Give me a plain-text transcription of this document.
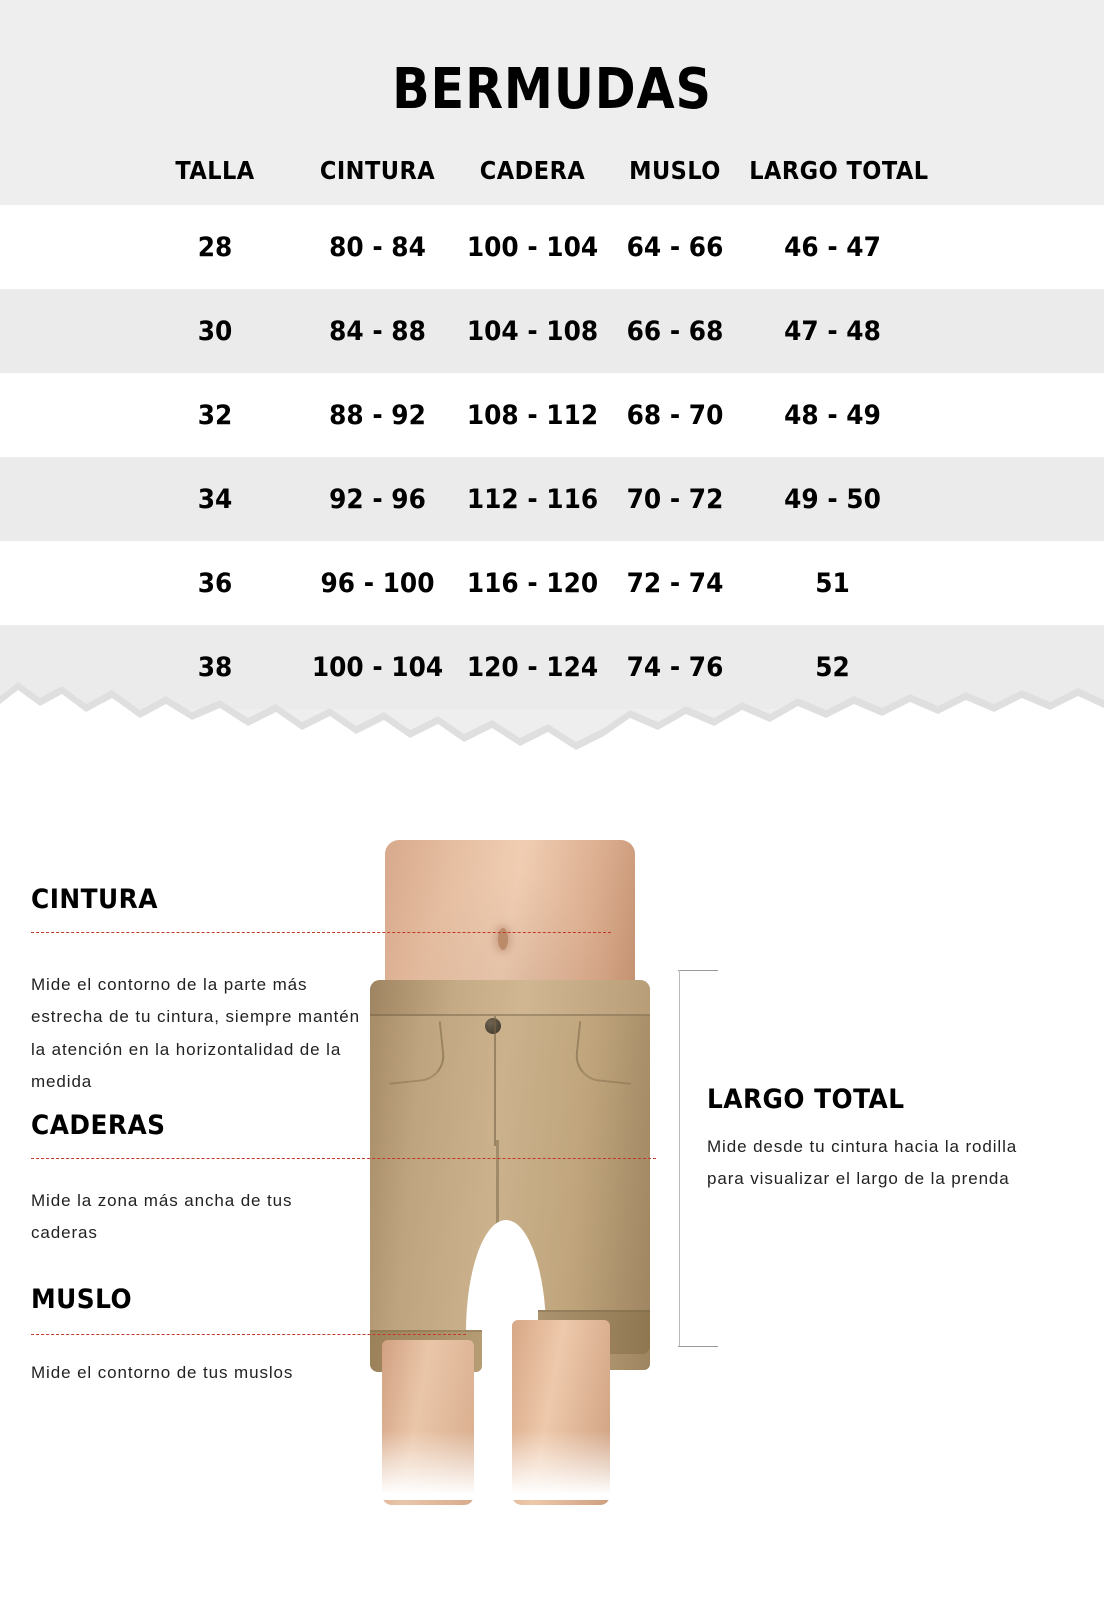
BERMUDAS
	TALLA	CINTURA	CADERA	MUSLO	LARGO TOTAL	
	28	80 - 84	100 - 104	64 - 66	46 - 47	
	30	84 - 88	104 - 108	66 - 68	47 - 48	
	32	88 - 92	108 - 112	68 - 70	48 - 49	
	34	92 - 96	112 - 116	70 - 72	49 - 50	
	36	96 - 100	116 - 120	72 - 74	51	
	38	100 - 104	120 - 124	74 - 76	52	
CINTURA

Mide el contorno de la parte más estrecha de tu cintura, siempre mantén la atención en la horizontalidad de la medida

CADERAS

Mide la zona más ancha de tus caderas

MUSLO

Mide el contorno de tus muslos

LARGO TOTAL

Mide desde tu cintura hacia la rodilla para visualizar el largo de la prenda
